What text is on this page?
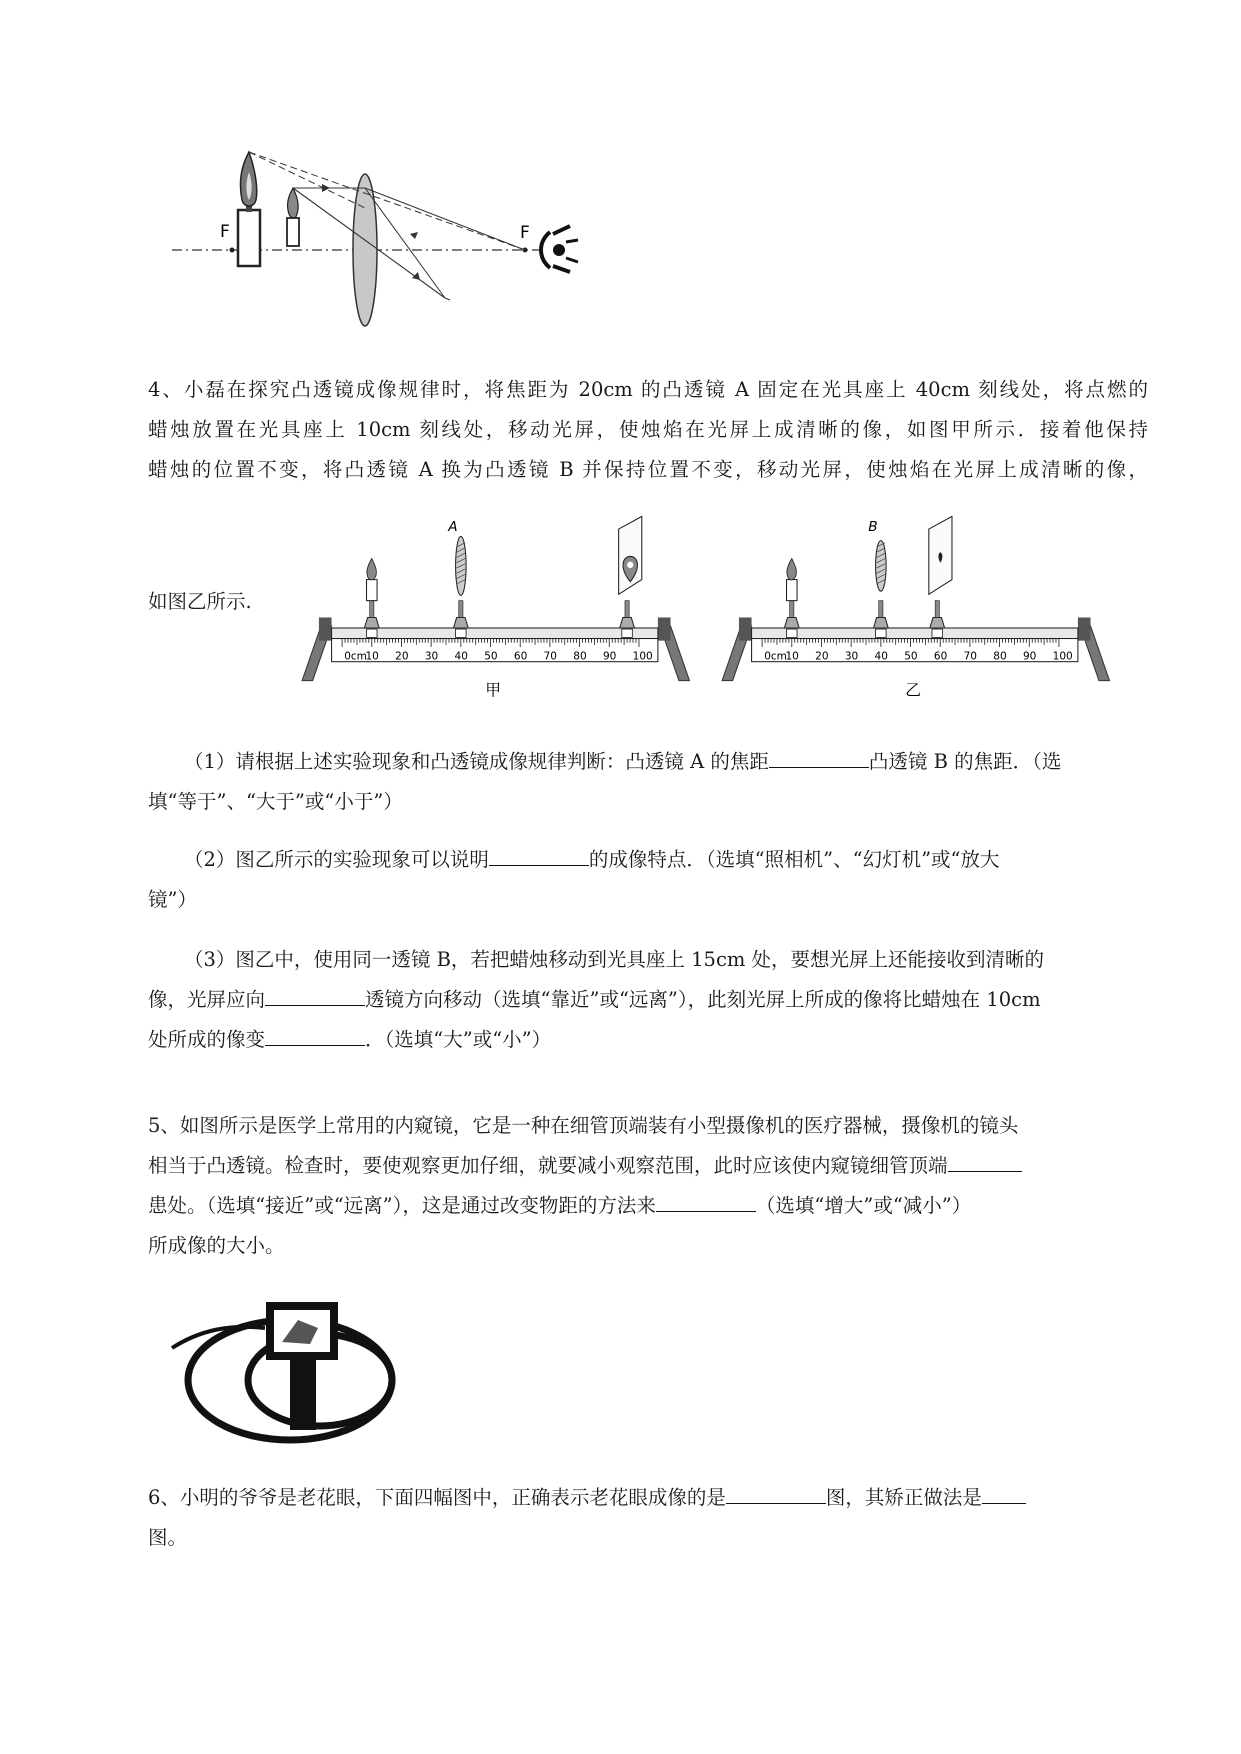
F	F
4、小磊在探究凸透镜成像规律时，将焦距为 20cm 的凸透镜 A 固定在光具座上 40cm 刻线处，将点燃的
蜡烛放置在光具座上 10cm 刻线处，移动光屏，使烛焰在光屏上成清晰的像，如图甲所示．接着他保持
蜡烛的位置不变，将凸透镜 A 换为凸透镜 B 并保持位置不变，移动光屏，使烛焰在光屏上成清晰的像，
如图乙所示.
0cm
10 20 30 40 50 60 70 80 90 100
A
甲
0cm
10 20 30 40 50 60 70 80 90 100
B
乙
（1）请根据上述实验现象和凸透镜成像规律判断：凸透镜 A 的焦距	凸透镜 B 的焦距．（选
填“等于”、“大于”或“小于”）
（2）图乙所示的实验现象可以说明	的成像特点．（选填“照相机”、“幻灯机”或“放大
镜”）
（3）图乙中，使用同一透镜 B，若把蜡烛移动到光具座上 15cm 处，要想光屏上还能接收到清晰的
像，光屏应向	透镜方向移动（选填“靠近”或“远离”），此刻光屏上所成的像将比蜡烛在 10cm
处所成的像变	．（选填“大”或“小”）
5、如图所示是医学上常用的内窥镜，它是一种在细管顶端装有小型摄像机的医疗器械，摄像机的镜头
相当于凸透镜。检查时，要使观察更加仔细，就要减小观察范围，此时应该使内窥镜细管顶端
患处。（选填“接近”或“远离”），这是通过改变物距的方法来	（选填“增大”或“减小”）
所成像的大小。
6、小明的爷爷是老花眼，下面四幅图中，正确表示老花眼成像的是	图，其矫正做法是
图。
